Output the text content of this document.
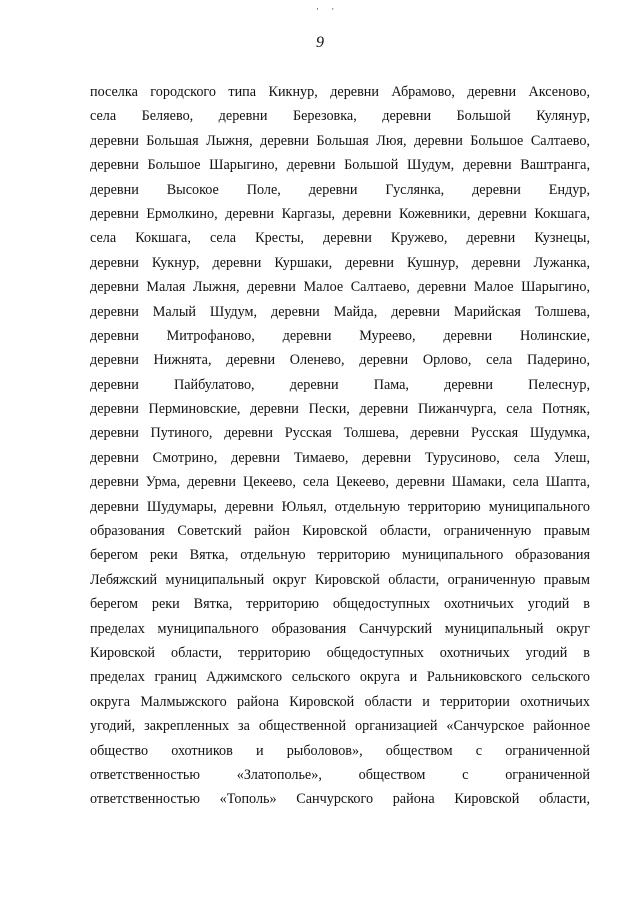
· ·
9
поселка городского типа Кикнур, деревни Абрамово, деревни Аксеново,
села Беляево, деревни Березовка, деревни Большой Кулянур,
деревни Большая Лыжня, деревни Большая Люя, деревни Большое Салтаево,
деревни Большое Шарыгино, деревни Большой Шудум, деревни Ваштранга,
деревни Высокое Поле, деревни Гуслянка, деревни Ендур,
деревни Ермолкино, деревни Каргазы, деревни Кожевники, деревни Кокшага,
села Кокшага, села Кресты, деревни Кружево, деревни Кузнецы,
деревни Кукнур, деревни Куршаки, деревни Кушнур, деревни Лужанка,
деревни Малая Лыжня, деревни Малое Салтаево, деревни Малое Шарыгино,
деревни Малый Шудум, деревни Майда, деревни Марийская Толшева,
деревни Митрофаново, деревни Муреево, деревни Нолинские,
деревни Нижнята, деревни Оленево, деревни Орлово, села Падерино,
деревни Пайбулатово, деревни Пама, деревни Пелеснур,
деревни Перминовские, деревни Пески, деревни Пижанчурга, села Потняк,
деревни Путиного, деревни Русская Толшева, деревни Русская Шудумка,
деревни Смотрино, деревни Тимаево, деревни Турусиново, села Улеш,
деревни Урма, деревни Цекеево, села Цекеево, деревни Шамаки, села Шапта,
деревни Шудумары, деревни Юльял, отдельную территорию муниципального
образования Советский район Кировской области, ограниченную правым
берегом реки Вятка, отдельную территорию муниципального образования
Лебяжский муниципальный округ Кировской области, ограниченную правым
берегом реки Вятка, территорию общедоступных охотничьих угодий в
пределах муниципального образования Санчурский муниципальный округ
Кировской области, территорию общедоступных охотничьих угодий в
пределах границ Аджимского сельского округа и Ральниковского сельского
округа Малмыжского района Кировской области и территории охотничьих
угодий, закрепленных за общественной организацией «Санчурское районное
общество охотников и рыболовов», обществом с ограниченной
ответственностью «Златополье», обществом с ограниченной
ответственностью «Тополь» Санчурского района Кировской области,
